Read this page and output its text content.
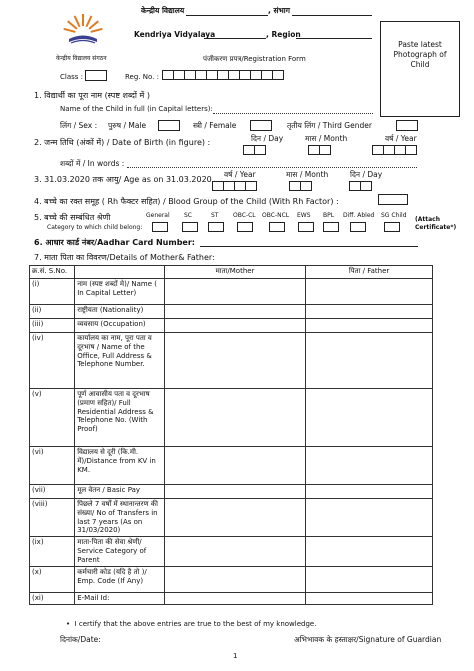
केन्द्रीय विद्यालय संगठन
केन्द्रीय विद्यालय	, संभाग
Kendriya Vidyalaya	, Region
पंजीकरण प्रपत्र/Registration Form
Paste latest Photograph of Child
Class :	Reg. No. :
1. विद्यार्थी का पूरा नाम (स्पष्ट शब्दों में )
Name of the Child in full (in Capital letters):
लिंग / Sex : पुरुष / Male	स्त्री / Female	तृतीय लिंग / Third Gender
2. जन्म तिथि (अंकों में) / Date of Birth (in figure) :	दिन / Day	मास / Month	वर्ष / Year
शब्दों में / In words :
3. 31.03.2020 तक आयु/ Age as on 31.03.2020
वर्ष / Year	मास / Month	दिन / Day
4. बच्चे का रक्त समूह ( Rh फैक्टर सहित) / Blood Group of the Child (With Rh Factor) :
5. बच्चे की सम्बंधित श्रेणी	General SC	ST OBC-CL OBC-NCL EWS BPL Diff. Abled SG Child
(Attach Certificate*)
Category to which child belong:
6. आधार कार्ड नंबर/Aadhar Card Number:
7. माता पिता का विवरण/Details of Mother& Father:
क्र.सं. S.No.		माता/Mother	पिता / Father
(i)	नाम (स्पष्ट शब्दों मे)/ Name ( In Capital Letter)		
(ii)	राष्ट्रीयता (Nationality)		
(iii)	व्यवसाय (Occupation)		
(iv)	कार्यालय का नाम, पूरा पता व दूरभाष / Name of the Office, Full Address & Telephone Number.		
(v)	पूर्ण आवासीय पता व दूरभाष (प्रमाण सहित)/ Full Residential Address & Telephone No. (With Proof)		
(vi)	विद्यालय से दूरी (कि.मी. में)/Distance from KV in KM.		
(vii)	मूल वेतन / Basic Pay		
(viii)	पिछले 7 वर्षों में स्थानान्तरण की संख्या/ No of Transfers in last 7 years (As on 31/03/2020)		
(ix)	माता-पिता की सेवा श्रेणी/ Service Category of Parent		
(x)	कर्मचारी कोड (यदि है तो )/ Emp. Code (If Any)		
(xi)	E-Mail Id:		
•  I certify that the above entries are true to the best of my knowledge.
दिनांक/Date:	अभिभावक के हस्ताक्षर/Signature of Guardian
1
